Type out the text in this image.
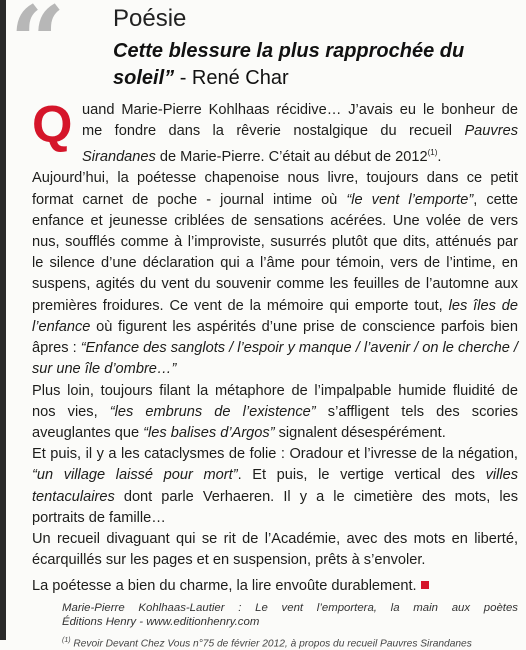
“ Poésie
Cette blessure la plus rapprochée du soleil” - René Char

Quand Marie-Pierre Kohlhaas récidive… J’avais eu le bonheur de me fondre dans la rêverie nostalgique du recueil Pauvres Sirandanes de Marie-Pierre. C’était au début de 2012$^{(1)}$.

Aujourd’hui, la poétesse chapenoise nous livre, toujours dans ce petit format carnet de poche - journal intime où “le vent l’emporte”, cette enfance et jeunesse criblées de sensations acérées. Une volée de vers nus, soufflés comme à l’improviste, susurrés plutôt que dits, atténués par le silence d’une déclaration qui a l’âme pour témoin, vers de l’intime, en suspens, agités du vent du souvenir comme les feuilles de l’automne aux premières froidures. Ce vent de la mémoire qui emporte tout, les îles de l’enfance où figurent les aspérités d’une prise de conscience parfois bien âpres : “Enfance des sanglots / l’espoir y manque / l’avenir / on le cherche / sur une île d’ombre…”

Plus loin, toujours filant la métaphore de l’impalpable humide fluidité de nos vies, “les embruns de l’existence” s’affligent tels des scories aveuglantes que “les balises d’Argos” signalent désespérément.

Et puis, il y a les cataclysmes de folie : Oradour et l’ivresse de la négation, “un village laissé pour mort”. Et puis, le vertige vertical des villes tentaculaires dont parle Verhaeren. Il y a le cimetière des mots, les portraits de famille…

Un recueil divaguant qui se rit de l’Académie, avec des mots en liberté, écarquillés sur les pages et en suspension, prêts à s’envoler.

La poétesse a bien du charme, la lire envoûte durablement.

Marie-Pierre Kohlhaas-Lautier : Le vent l’emportera, la main aux poètes
Éditions Henry - www.editionhenry.com
$^{(1)}$ Revoir Devant Chez Vous n°75 de février 2012, à propos du recueil Pauvres Sirandanes
